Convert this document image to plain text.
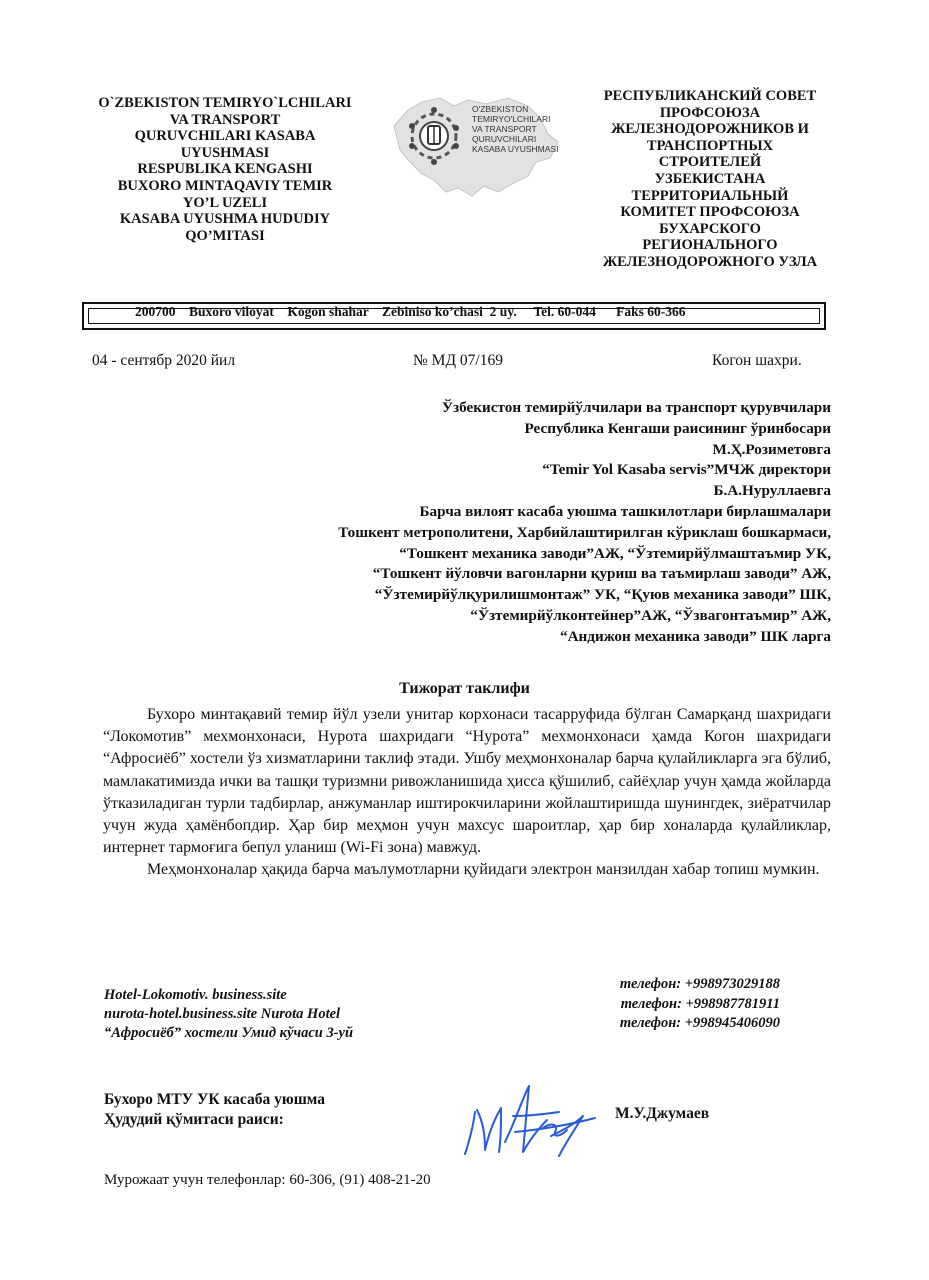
O`ZBEKISTON TEMIRYO`LCHILARI
VA TRANSPORT
QURUVCHILARI KASABA
UYUSHMASI
RESPUBLIKA KENGASHI
BUXORO MINTAQAVIY TEMIR
YO’L UZELI
KASABA UYUSHMA HUDUDIY
QO’MITASI
O'ZBEKISTON
TEMIRYO'LCHILARI
VA TRANSPORT
QURUVCHILARI
KASABA UYUSHMASI
РЕСПУБЛИКАНСКИЙ СОВЕТ
ПРОФСОЮЗА
ЖЕЛЕЗНОДОРОЖНИКОВ И
ТРАНСПОРТНЫХ
СТРОИТЕЛЕЙ
УЗБЕКИСТАНА
ТЕРРИТОРИАЛЬНЫЙ
КОМИТЕТ ПРОФСОЮЗА
БУХАРСКОГО
РЕГИОНАЛЬНОГО
ЖЕЛЕЗНОДОРОЖНОГО УЗЛА
200700    Buxoro viloyat    Kogon shahar    Zebiniso ko’chasi  2 uy.     Tel. 60-044      Faks 60-366
04 - сентябр 2020 йил	№ МД 07/169	Когон шахри.
Ўзбекистон темирйўлчилари ва транспорт қурувчилари
Республика Кенгаши раисининг ўринбосари
М.Ҳ.Розиметовга
“Temir Yol Kasaba servis”МЧЖ директори
Б.А.Нуруллаевга
Барча вилоят касаба уюшма ташкилотлари бирлашмалари
Тошкент метрополитени, Харбийлаштирилган кўриклаш бошкармаси,
“Тошкент механика заводи”АЖ, “Ўзтемирйўлмаштаъмир УК,
“Тошкент йўловчи вагонларни қуриш ва таъмирлаш заводи” АЖ,
“Ўзтемирйўлқурилишмонтаж” УК, “Қуюв механика заводи” ШК,
“Ўзтемирйўлконтейнер”АЖ, “Ўзвагонтаъмир” АЖ,
“Андижон механика заводи” ШК ларга
Тижорат таклифи

Бухоро минтақавий темир йўл узели унитар корхонаси тасарруфида бўлган Самарқанд шахридаги “Локомотив” мехмонхонаси, Нурота шахридаги “Нурота” мехмонхонаси ҳамда Когон шахридаги “Афросиёб” хостели ўз хизматларини таклиф этади. Ушбу меҳмонхоналар барча қулайликларга эга бўлиб, мамлакатимизда ички ва ташқи туризмни ривожланишида ҳисса қўшилиб, сайёҳлар учун ҳамда жойларда ўтказиладиган турли тадбирлар, анжуманлар иштирокчиларини жойлаштиришда шунингдек, зиёратчилар учун жуда ҳамёнбопдир. Ҳар бир меҳмон учун махсус шароитлар, ҳар бир хоналарда қулайликлар, интернет тармоғига бепул уланиш (Wi-Fi зона) мавжуд.

Меҳмонхоналар ҳақида барча маълумотларни қуйидаги электрон манзилдан хабар топиш мумкин.

Hotel-Lokomotiv. business.site
nurota-hotel.business.site Nurota Hotel
“Афросиёб” хостели Умид кўчаси 3-уй
телефон: +998973029188
телефон: +998987781911
телефон: +998945406090
Бухоро МТУ УК касаба уюшма
Ҳудудий қўмитаси раиси:	М.У.Джумаев
Мурожаат учун телефонлар: 60-306, (91) 408-21-20
